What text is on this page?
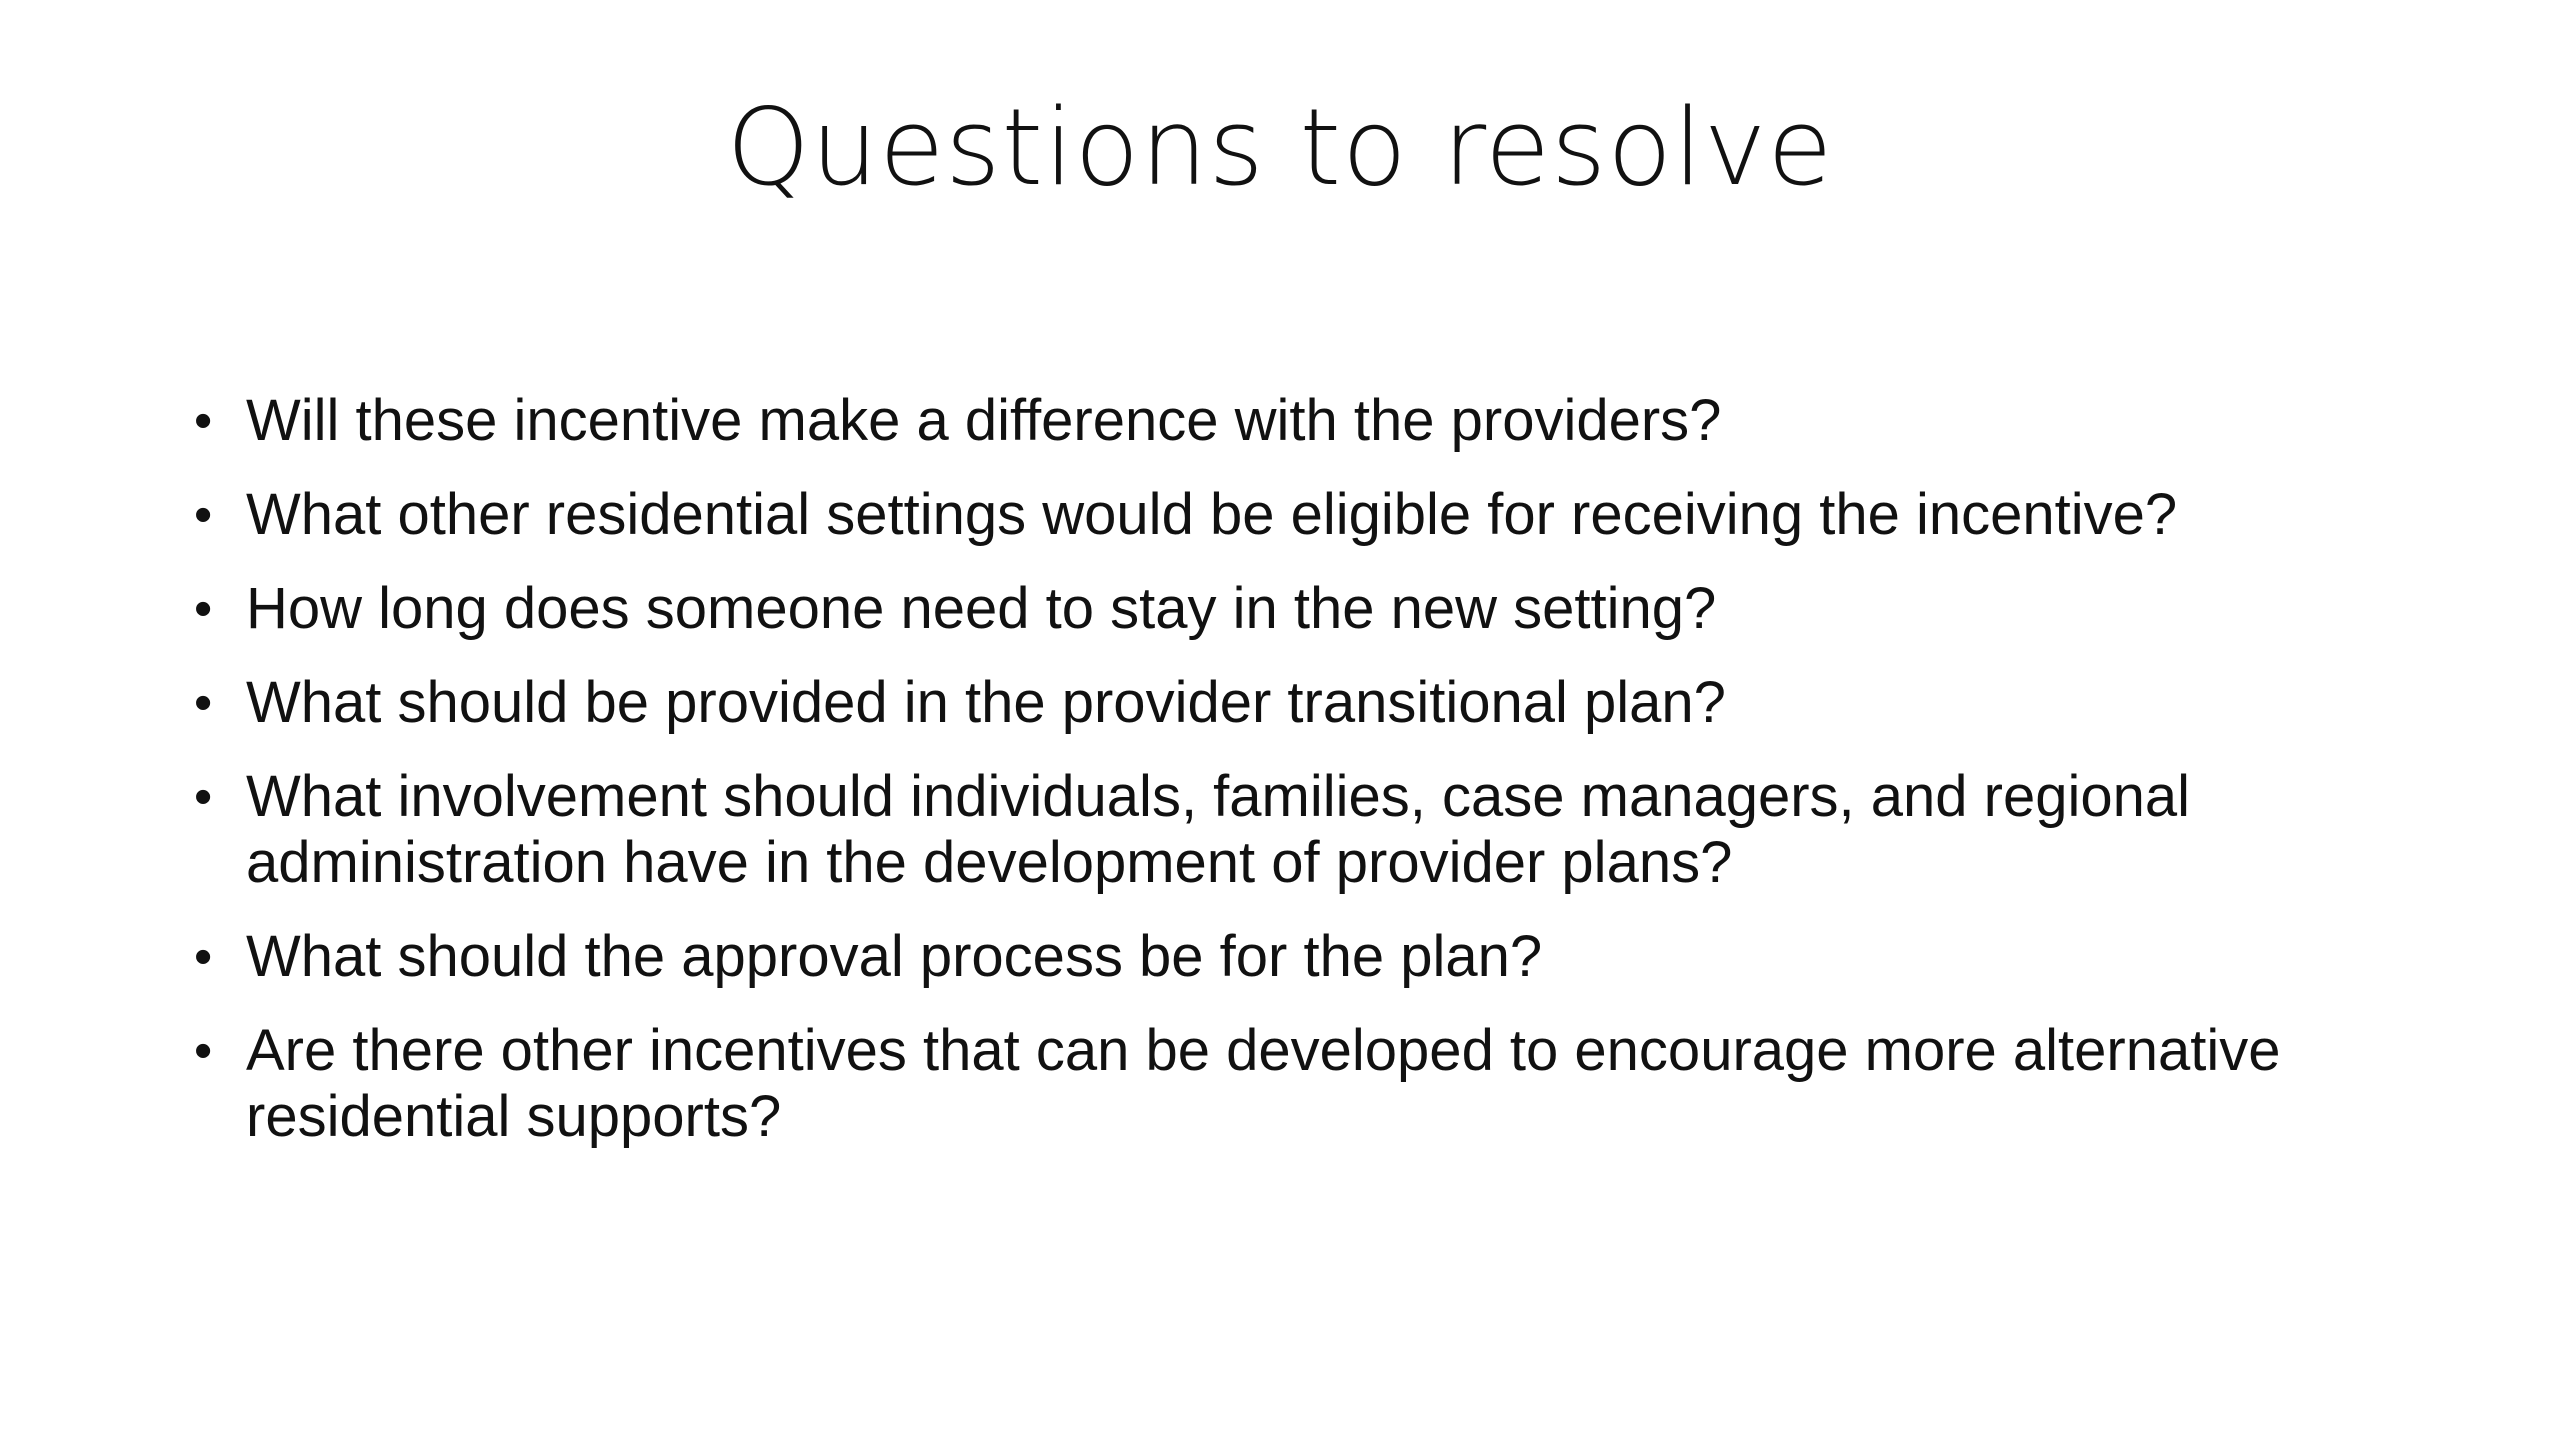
Questions to resolve
• Will these incentive make a difference with the providers?
• What other residential settings would be eligible for receiving the incentive?
• How long does someone need to stay in the new setting?
• What should be provided in the provider transitional plan?
• What involvement should individuals, families, case managers, and regional administration have in the development of provider plans?
• What should the approval process be for the plan?
• Are there other incentives that can be developed to encourage more alternative residential supports?
